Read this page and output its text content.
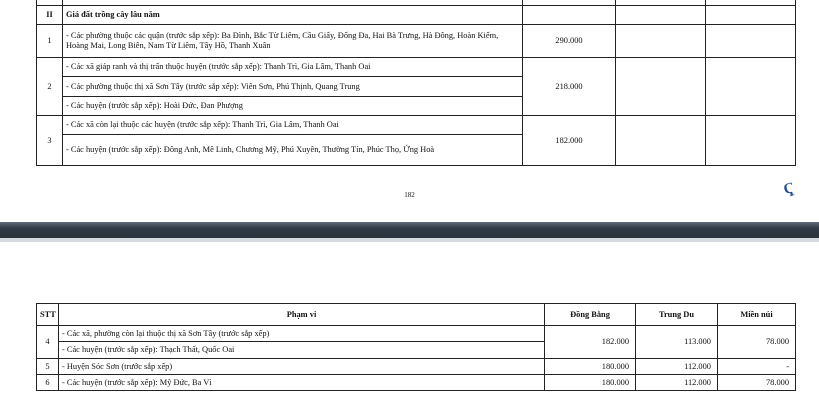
II	Giá đất trồng cây lâu năm			
1	- Các phường thuộc các quận (trước sắp xếp): Ba Đình, Bắc Từ Liêm, Cầu Giấy, Đống Đa, Hai Bà Trưng, Hà Đông, Hoàn Kiếm, Hoàng Mai, Long Biên, Nam Từ Liêm, Tây Hồ, Thanh Xuân	290.000		
2	- Các xã giáp ranh và thị trấn thuộc huyện (trước sắp xếp): Thanh Trì, Gia Lâm, Thanh Oai	218.000		
	- Các phường thuộc thị xã Sơn Tây (trước sắp xếp): Viên Sơn, Phú Thịnh, Quang Trung			
	- Các huyện (trước sắp xếp): Hoài Đức, Đan Phượng			
3	- Các xã còn lại thuộc các huyện (trước sắp xếp): Thanh Trì, Gia Lâm, Thanh Oai	182.000		
	- Các huyện (trước sắp xếp): Đông Anh, Mê Linh, Chương Mỹ, Phú Xuyên, Thường Tín, Phúc Thọ, Ứng Hoà			
182	Ҁ
STT	Phạm vi	Đồng Bằng	Trung Du	Miền núi
4	- Các xã, phường còn lại thuộc thị xã Sơn Tây (trước sắp xếp)	182.000	113.000	78.000
	- Các huyện (trước sắp xếp): Thạch Thất, Quốc Oai			
5	- Huyện Sóc Sơn (trước sắp xếp)	180.000	112.000	-
6	- Các huyện (trước sắp xếp): Mỹ Đức, Ba Vì	180.000	112.000	78.000
